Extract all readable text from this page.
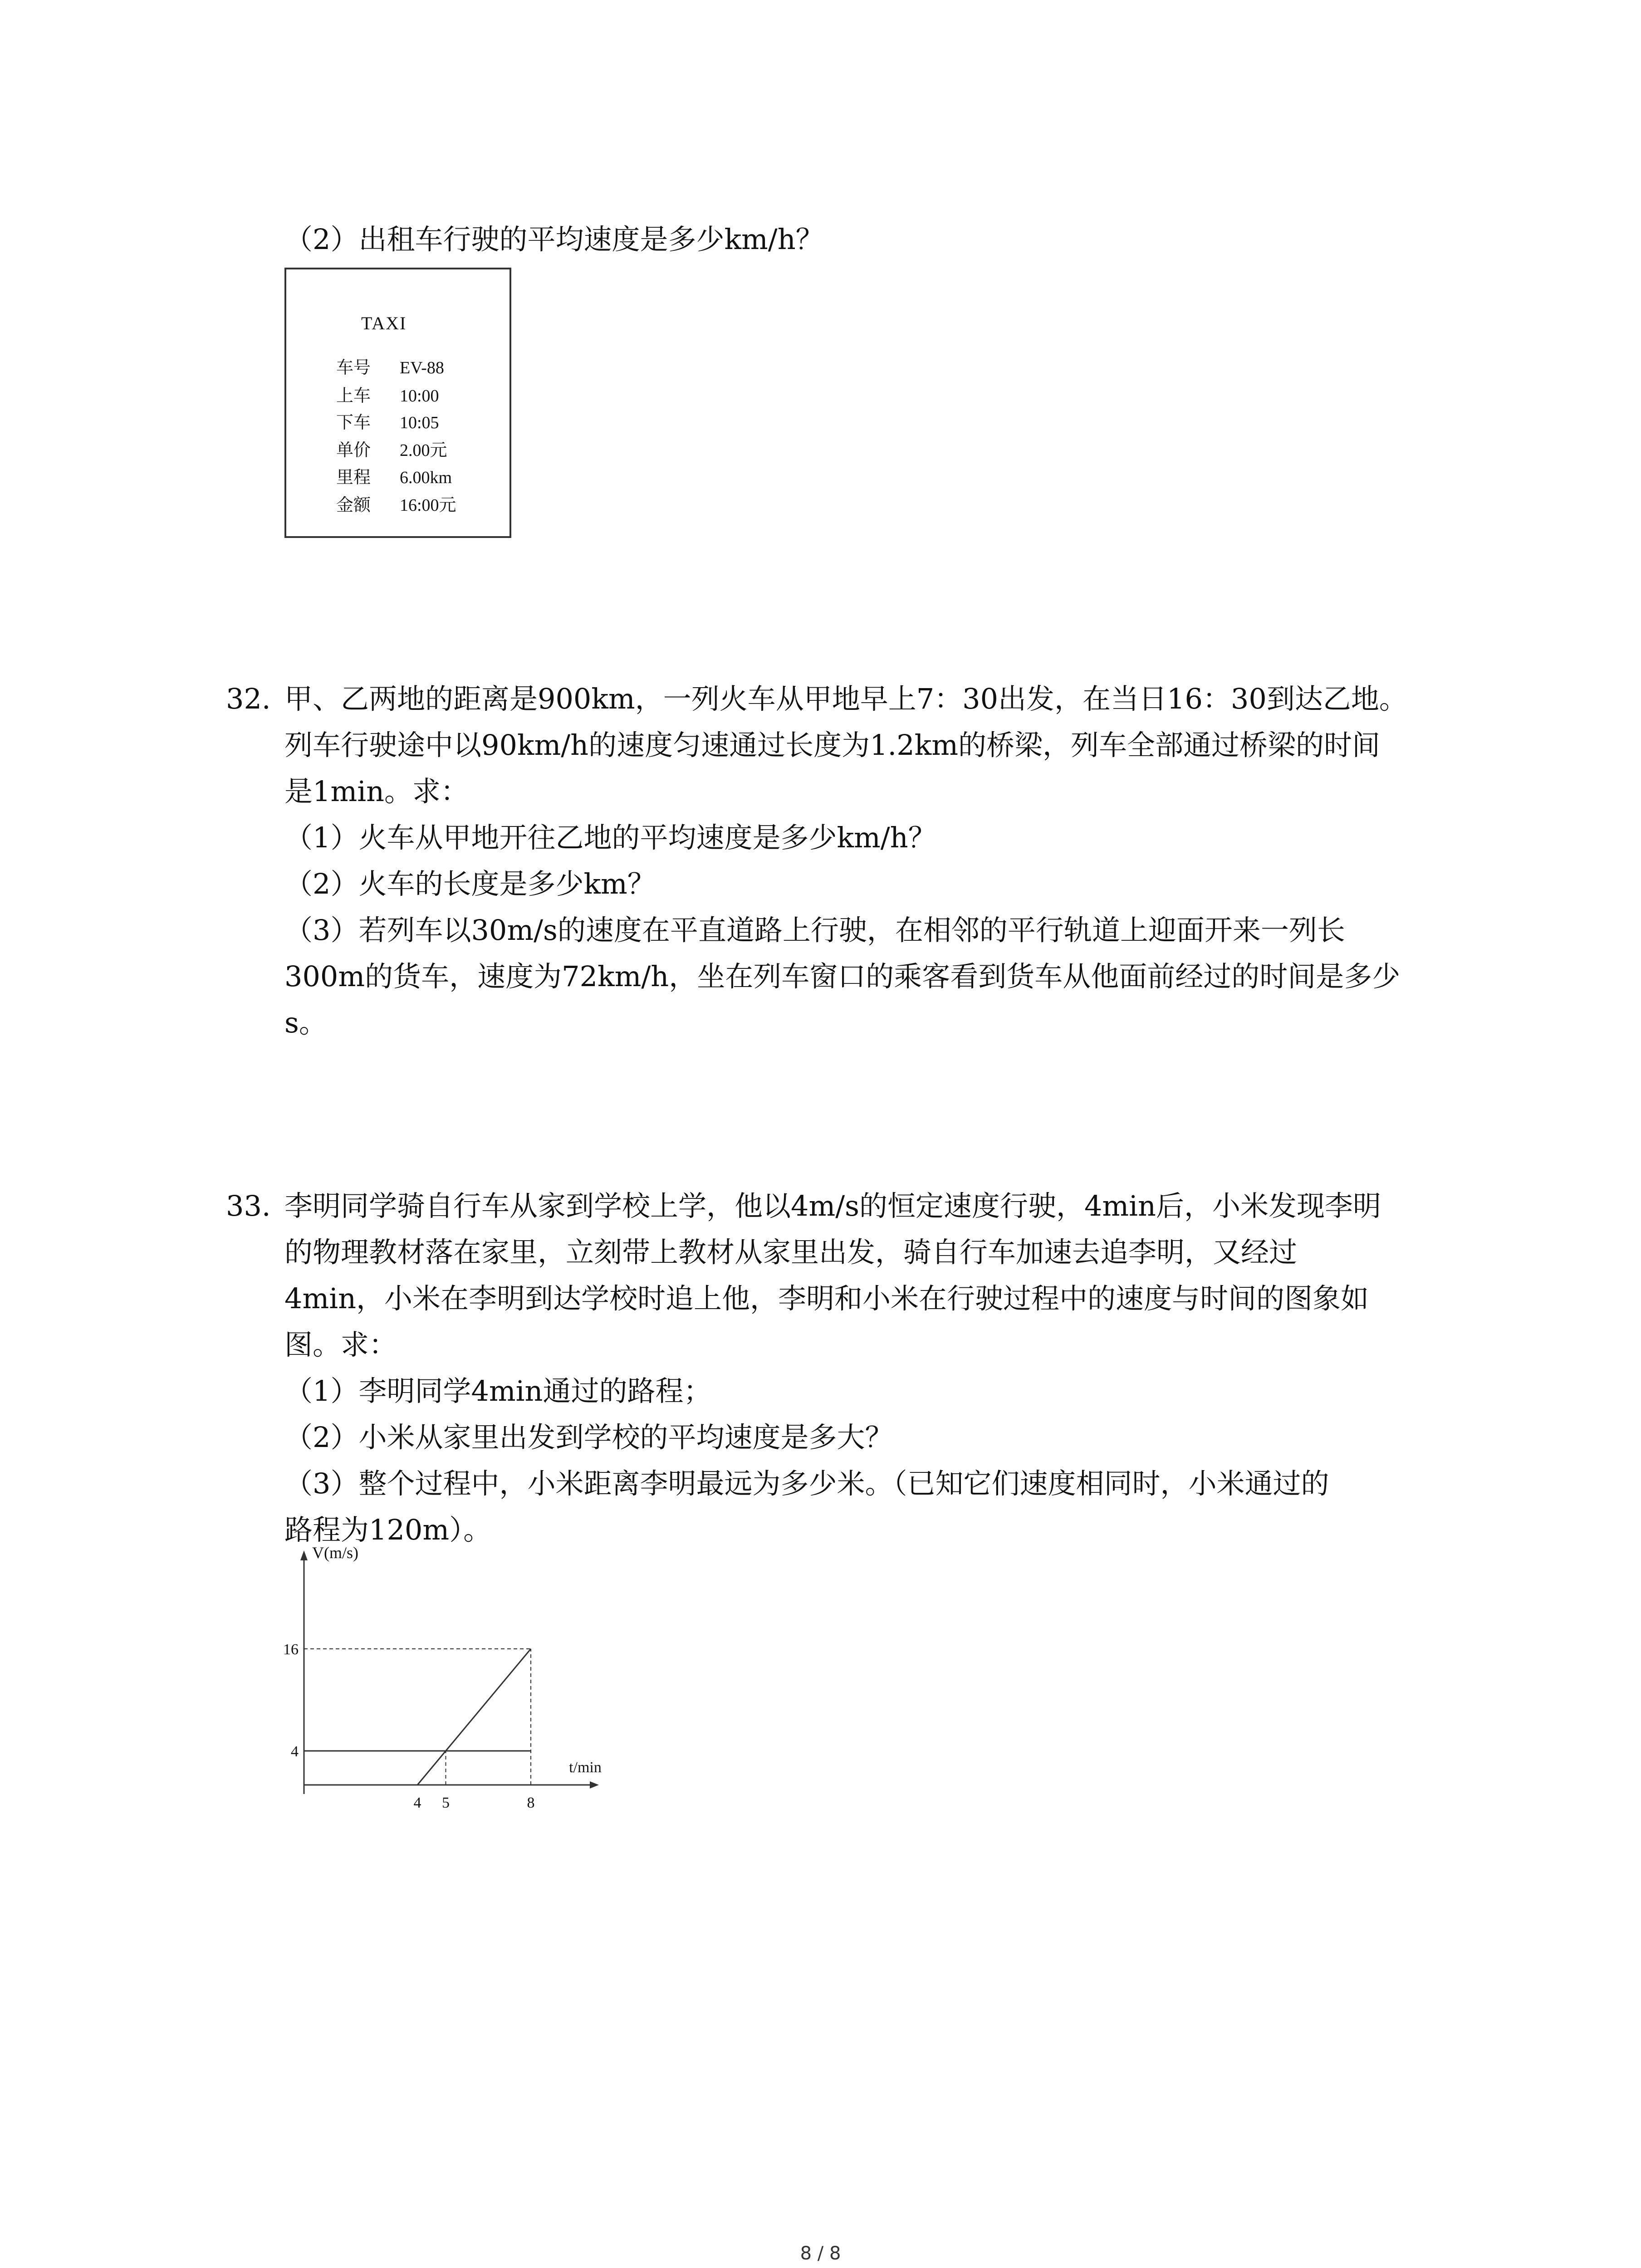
（2）出租车行驶的平均速度是多少km/h？
TAXI
车号 EV-88
上车 10:00
下车 10:05
单价 2.00元
里程 6.00km
金额 16:00元
32. 甲、乙两地的距离是900km，一列火车从甲地早上7：30出发，在当日16：30到达乙地。
列车行驶途中以90km/h的速度匀速通过长度为1.2km的桥梁，列车全部通过桥梁的时间
是1min。求：
（1）火车从甲地开往乙地的平均速度是多少km/h？
（2）火车的长度是多少km？
（3）若列车以30m/s的速度在平直道路上行驶，在相邻的平行轨道上迎面开来一列长
300m的货车，速度为72km/h，坐在列车窗口的乘客看到货车从他面前经过的时间是多少
s。
33. 李明同学骑自行车从家到学校上学，他以4m/s的恒定速度行驶，4min后，小米发现李明
的物理教材落在家里，立刻带上教材从家里出发，骑自行车加速去追李明，又经过
4min，小米在李明到达学校时追上他，李明和小米在行驶过程中的速度与时间的图象如
图。求：
（1）李明同学4min通过的路程；
（2）小米从家里出发到学校的平均速度是多大？
（3）整个过程中，小米距离李明最远为多少米。（已知它们速度相同时，小米通过的
路程为120m）。
4 5	8
4
16
t/min
V(m/s)
8 / 8
